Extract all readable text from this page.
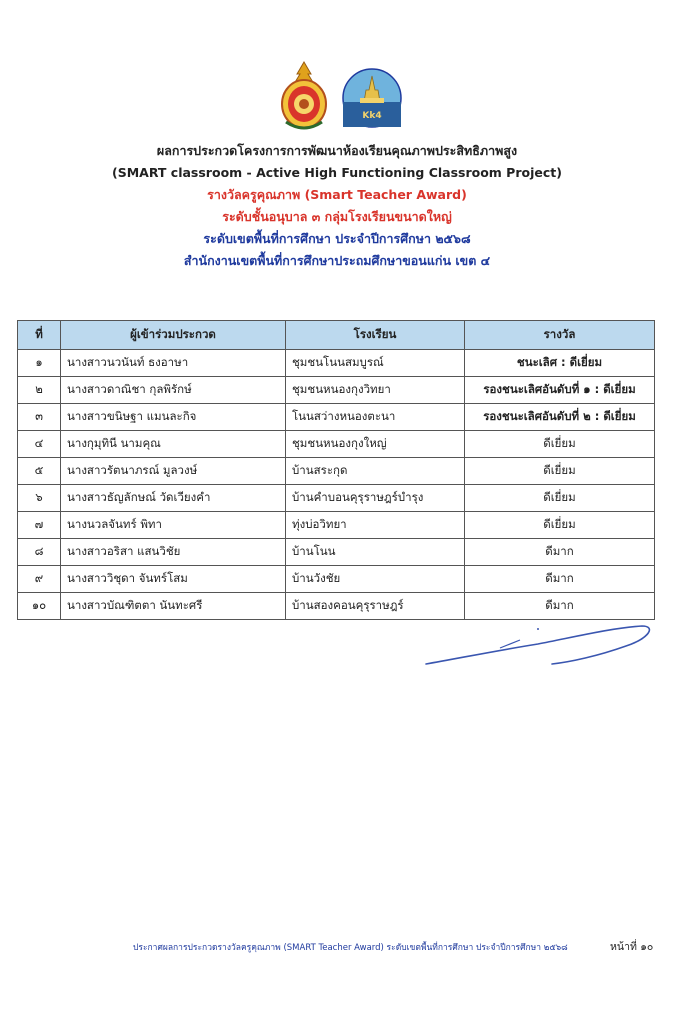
Kk4
ผลการประกวดโครงการการพัฒนาห้องเรียนคุณภาพประสิทธิภาพสูง
(SMART classroom - Active High Functioning Classroom Project)
รางวัลครูคุณภาพ (Smart Teacher Award)
ระดับชั้นอนุบาล ๓ กลุ่มโรงเรียนขนาดใหญ่
ระดับเขตพื้นที่การศึกษา ประจำปีการศึกษา ๒๕๖๘
สำนักงานเขตพื้นที่การศึกษาประถมศึกษาขอนแก่น เขต ๔
ที่	ผู้เข้าร่วมประกวด	โรงเรียน	รางวัล
๑	นางสาวนวนันท์ ธงอาษา	ชุมชนโนนสมบูรณ์	ชนะเลิศ : ดีเยี่ยม
๒	นางสาวดาณิชา กุลพิรักษ์	ชุมชนหนองกุงวิทยา	รองชนะเลิศอันดับที่ ๑ : ดีเยี่ยม
๓	นางสาวขนิษฐา แมนละกิจ	โนนสว่างหนองตะนา	รองชนะเลิศอันดับที่ ๒ : ดีเยี่ยม
๔	นางกุมุทินี นามคุณ	ชุมชนหนองกุงใหญ่	ดีเยี่ยม
๕	นางสาวรัตนาภรณ์ มูลวงษ์	บ้านสระกุด	ดีเยี่ยม
๖	นางสาวธัญลักษณ์ วัดเวียงคำ	บ้านคำบอนคุรุราษฎร์บำรุง	ดีเยี่ยม
๗	นางนวลจันทร์ พิทา	ทุ่งบ่อวิทยา	ดีเยี่ยม
๘	นางสาวอริสา แสนวิชัย	บ้านโนน	ดีมาก
๙	นางสาววิชุดา จันทร์โสม	บ้านวังชัย	ดีมาก
๑๐	นางสาวบัณฑิตตา นันทะศรี	บ้านสองคอนคุรุราษฎร์	ดีมาก
ประกาศผลการประกวดรางวัลครูคุณภาพ (SMART Teacher Award) ระดับเขตพื้นที่การศึกษา ประจำปีการศึกษา ๒๕๖๘	หน้าที่ ๑๐
